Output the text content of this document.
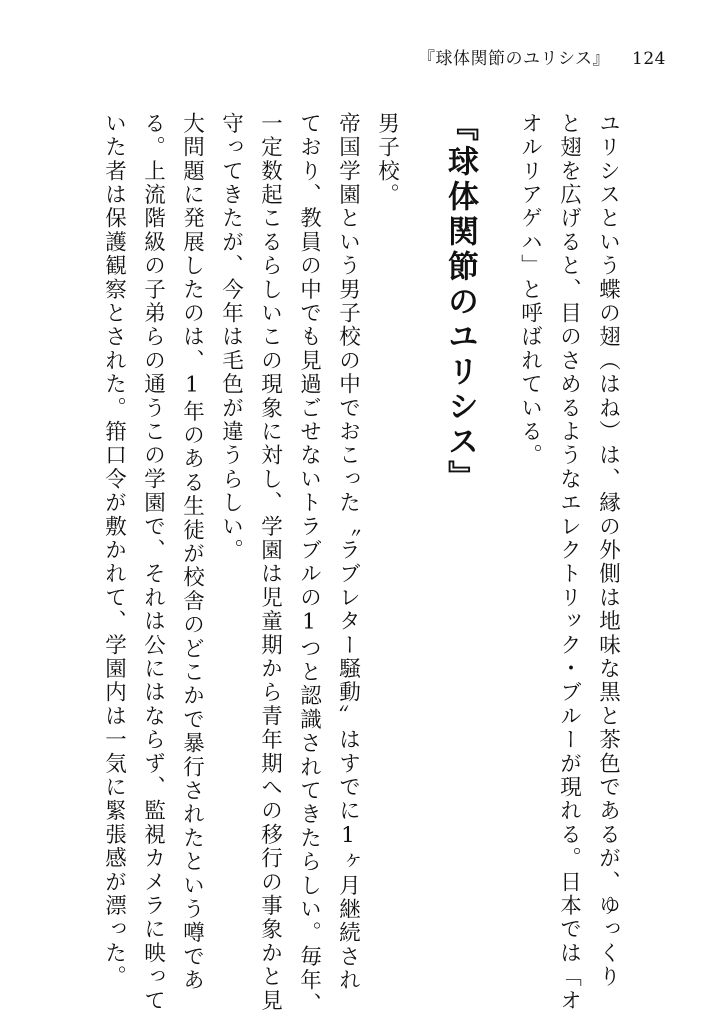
『球体関節のユリシス』 124
ユリシスという蝶の翅（はね）は、縁の外側は地味な黒と茶色であるが、ゆっくり
と翅を広げると、目のさめるようなエレクトリック・ブルーが現れる。日本では「オ
オルリアゲハ」と呼ばれている。
『球体関節のユリシス』
男子校。
帝国学園という男子校の中でおこった〝ラブレター騒動〟はすでに1ヶ月継続され
ており、教員の中でも見過ごせないトラブルの1つと認識されてきたらしい。毎年、
一定数起こるらしいこの現象に対し、学園は児童期から青年期への移行の事象かと見
守ってきたが、今年は毛色が違うらしい。
大問題に発展したのは、1年のある生徒が校舎のどこかで暴行されたという噂であ
る。上流階級の子弟らの通うこの学園で、それは公にはならず、監視カメラに映って
いた者は保護観察とされた。箝口令が敷かれて、学園内は一気に緊張感が漂った。
